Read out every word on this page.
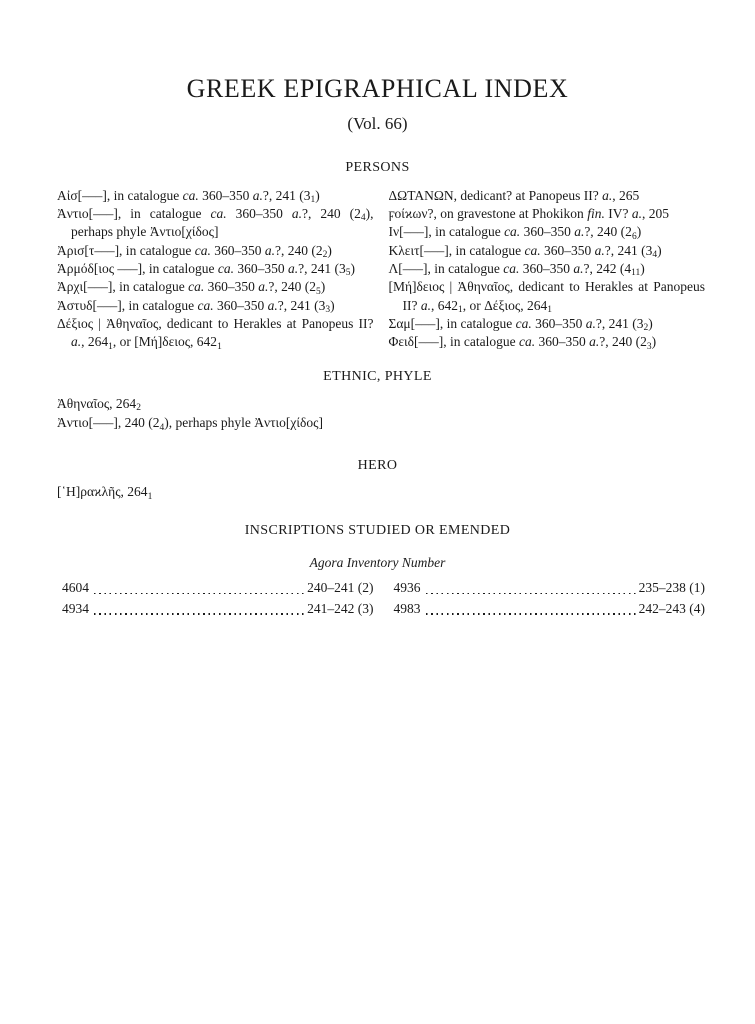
GREEK EPIGRAPHICAL INDEX
(Vol. 66)
PERSONS

Αἰσ[–––], in catalogue ca. 360–350 a.?, 241 $(3_1)$

Ἀντιο[–––], in catalogue ca. 360–350 a.?, 240 $(2_4)$, perhaps phyle Ἀντιο[χίδος]

Ἀρισ[τ–––], in catalogue ca. 360–350 a.?, 240 $(2_2)$

Ἁρμόδ[ιος –––], in catalogue ca. 360–350 a.?, 241 $(3_5)$

Ἀρχι[–––], in catalogue ca. 360–350 a.?, 240 $(2_5)$

Ἀστυδ[–––], in catalogue ca. 360–350 a.?, 241 $(3_3)$

Δέξιος | Ἀθηναῖος, dedicant to Herakles at Panopeus II? a., $264_1$, or [Μή]δειος, $642_1$

ΔΩΤΑΝΩΝ, dedicant? at Panopeus II? a., 265

ϝοίϰων?, on gravestone at Phokikon fin. IV? a., 205

Ιν[–––], in catalogue ca. 360–350 a.?, 240 $(2_6)$

Κλειτ[–––], in catalogue ca. 360–350 a.?, 241 $(3_4)$

Λ[–––], in catalogue ca. 360–350 a.?, 242 $(4_{11})$

[Μή]δειος | Ἀθηναῖος, dedicant to Herakles at Panopeus II? a., $642_1$, or Δέξιος, $264_1$

Σαμ[–––], in catalogue ca. 360–350 a.?, 241 $(3_2)$

Φειδ[–––], in catalogue ca. 360–350 a.?, 240 $(2_3)$

ETHNIC, PHYLE

Ἀθηναῖος, $264_2$

Ἀντιο[–––], 240 $(2_4)$, perhaps phyle Ἀντιο[χίδος]

HERO

[῾Η]ραϰλῆς, $264_1$

INSCRIPTIONS STUDIED OR EMENDED
Agora Inventory Number
4604	240–241 (2)
4934	241–242 (3)
4936	235–238 (1)
4983	242–243 (4)
